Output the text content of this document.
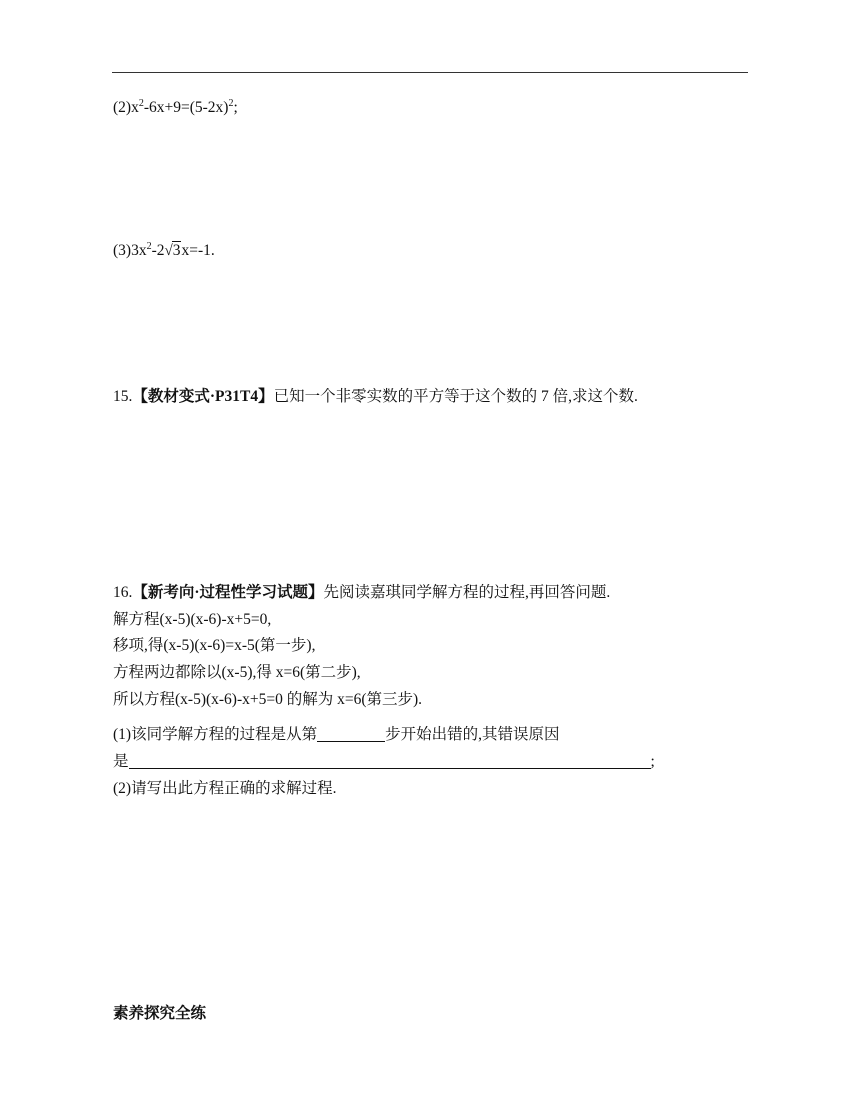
$(2)x^2-6x+9=(5-2x)^2$;
$(3)3x^2-2√3x=-1$.
15.【教材变式·P31T4】已知一个非零实数的平方等于这个数的 7 倍,求这个数.
16.【新考向·过程性学习试题】先阅读嘉琪同学解方程的过程,再回答问题.
解方程(x-5)(x-6)-x+5=0,
移项,得(x-5)(x-6)=x-5(第一步),
方程两边都除以(x-5),得 x=6(第二步),
所以方程(x-5)(x-6)-x+5=0 的解为 x=6(第三步).
(1)该同学解方程的过程是从第	步开始出错的,其错误原因
是	;
(2)请写出此方程正确的求解过程.
素养探究全练
